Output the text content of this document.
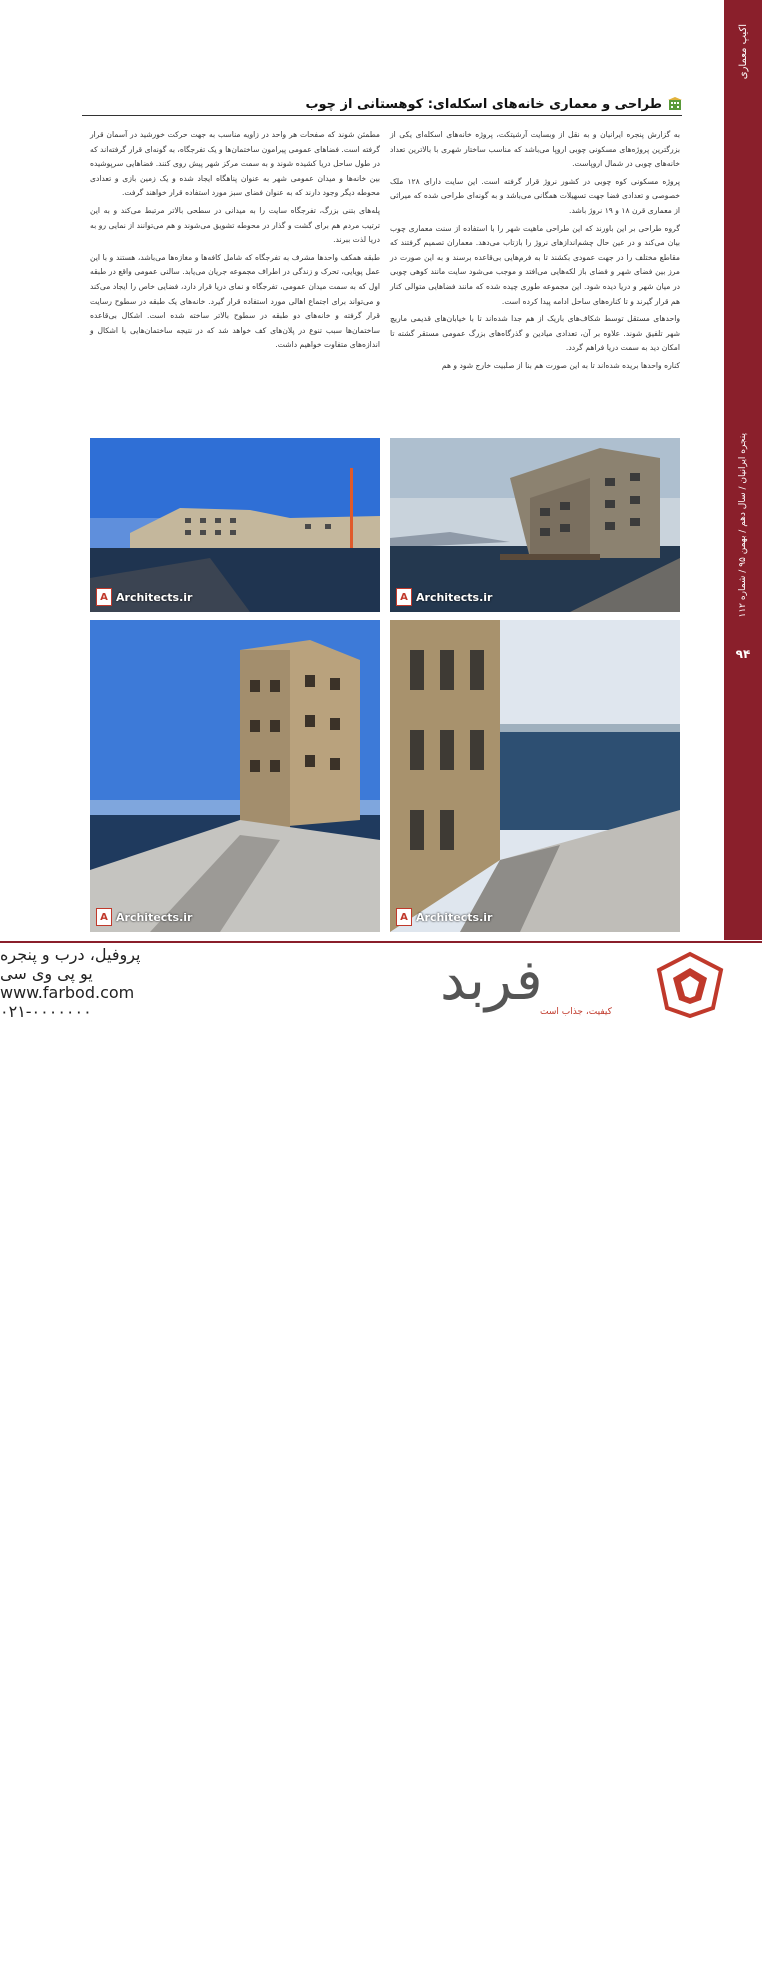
اکیپ معماری
پنجره ایرانیان / سال دهم / بهمن ۹۵ / شماره ۱۱۲
۹۴
طراحی و معماری خانه‌های اسکله‌ای: کوهستانی از چوب

به گزارش پنجره ایرانیان و به نقل از وبسایت آرشیتکت، پروژه خانه‌های اسکله‌ای یکی از بزرگترین پروژه‌های مسکونی چوبی اروپا می‌باشد که مناسب ساختار شهری با بالاترین تعداد خانه‌های چوبی در شمال اروپاست.

پروژه مسکونی کوه چوبی در کشور نروژ قرار گرفته است. این سایت دارای ۱۲۸ ملک خصوصی و تعدادی فضا جهت تسهیلات همگانی می‌باشد و به گونه‌ای طراحی شده که میراثی از معماری قرن ۱۸ و ۱۹ نروژ باشد.

گروه طراحی بر این باورند که این طراحی ماهیت شهر را با استفاده از سنت معماری چوب بیان می‌کند و در عین حال چشم‌اندازهای نروژ را بازتاب می‌دهد. معماران تصمیم گرفتند که مقاطع مختلف را در جهت عمودی بکشند تا به فرم‌هایی بی‌قاعده برسند و به این صورت در مرز بین فضای شهر و فضای باز لکه‌هایی می‌افتد و موجب می‌شود سایت مانند کوهی چوبی در میان شهر و دریا دیده شود. این مجموعه طوری چیده شده که مانند فضاهایی متوالی کنار هم قرار گیرند و تا کناره‌های ساحل ادامه پیدا کرده است.

واحدهای مستقل توسط شکاف‌های باریک از هم جدا شده‌اند تا با خیابان‌های قدیمی ماریچ شهر تلفیق شوند. علاوه بر آن، تعدادی میادین و گذرگاه‌های بزرگ عمومی مستقر گشته تا امکان دید به سمت دریا فراهم گردد.

کناره واحدها بریده شده‌اند تا به این صورت هم بنا از صلبیت خارج شود و هم

مطمئن شوند که صفحات هر واحد در زاویه مناسب به جهت حرکت خورشید در آسمان قرار گرفته است. فضاهای عمومی پیرامون ساختمان‌ها و یک تفرجگاه، به گونه‌ای قرار گرفته‌اند که در طول ساحل دریا کشیده شوند و به سمت مرکز شهر پیش روی کنند. فضاهایی سرپوشیده بین خانه‌ها و میدان عمومی شهر به عنوان پناهگاه ایجاد شده و یک زمین بازی و تعدادی محوطه دیگر وجود دارند که به عنوان فضای سبز مورد استفاده قرار خواهند گرفت.

پله‌های بتنی بزرگ، تفرجگاه سایت را به میدانی در سطحی بالاتر مرتبط می‌کند و به این ترتیب مردم هم برای گشت و گذار در محوطه تشویق می‌شوند و هم می‌توانند از نمایی رو به دریا لذت ببرند.

طبقه همکف واحدها مشرف به تفرجگاه که شامل کافه‌ها و مغازه‌ها می‌باشد، هستند و با این عمل پویایی، تحرک و زندگی در اطراف مجموعه جریان می‌یابد. سالنی عمومی واقع در طبقه اول که به سمت میدان عمومی، تفرجگاه و نمای دریا قرار دارد، فضایی خاص را ایجاد می‌کند و می‌تواند برای اجتماع اهالی مورد استفاده قرار گیرد. خانه‌های یک طبقه در سطوح رسایت قرار گرفته و خانه‌های دو طبقه در سطوح بالاتر ساخته شده است. اشکال بی‌قاعده ساختمان‌ها سبب تنوع در پلان‌های کف خواهد شد که در نتیجه ساختمان‌هایی با اشکال و اندازه‌های متفاوت خواهیم داشت.

A Architects.ir
A Architects.ir
A Architects.ir
A Architects.ir
فربد
کیفیت، جذاب است
پروفیل، درب و پنجره
یو پی وی سی
www.farbod.com
۰۲۱-۰۰۰۰۰۰۰
